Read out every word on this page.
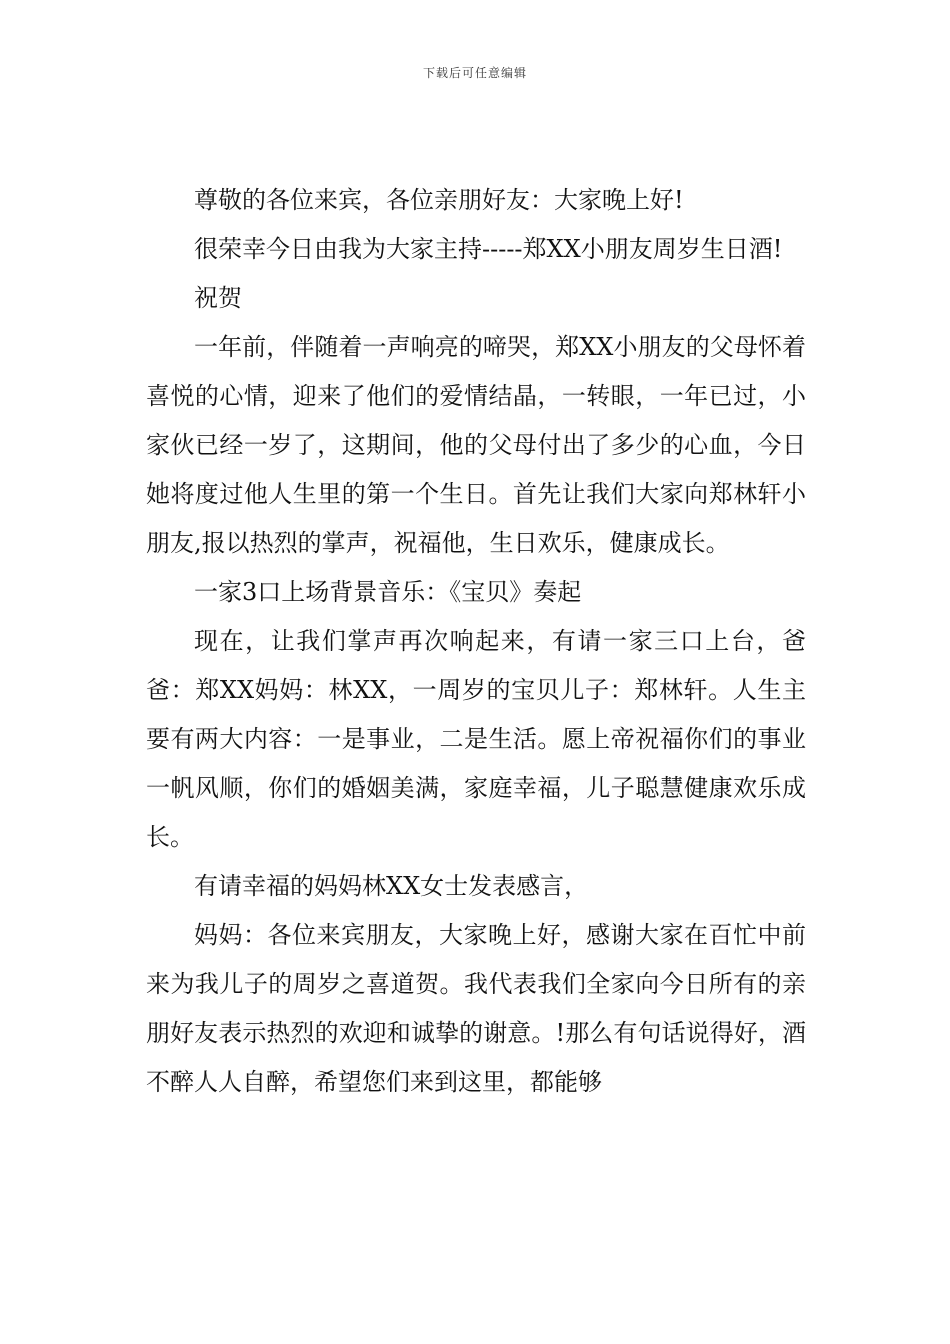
下载后可任意编辑

尊敬的各位来宾，各位亲朋好友：大家晚上好!

很荣幸今日由我为大家主持-----郑XX小朋友周岁生日酒!

祝贺

一年前，伴随着一声响亮的啼哭，郑XX小朋友的父母怀着喜悦的心情，迎来了他们的爱情结晶，一转眼，一年已过，小家伙已经一岁了，这期间，他的父母付出了多少的心血，今日她将度过他人生里的第一个生日。首先让我们大家向郑林轩小朋友,报以热烈的掌声，祝福他，生日欢乐，健康成长。

一家3口上场背景音乐：《宝贝》奏起

现在，让我们掌声再次响起来，有请一家三口上台，爸爸：郑XX妈妈：林XX，一周岁的宝贝儿子：郑林轩。人生主要有两大内容：一是事业，二是生活。愿上帝祝福你们的事业一帆风顺，你们的婚姻美满，家庭幸福，儿子聪慧健康欢乐成长。

有请幸福的妈妈林XX女士发表感言，

妈妈：各位来宾朋友，大家晚上好，感谢大家在百忙中前来为我儿子的周岁之喜道贺。我代表我们全家向今日所有的亲朋好友表示热烈的欢迎和诚挚的谢意。!那么有句话说得好，酒不醉人人自醉，希望您们来到这里，都能够
